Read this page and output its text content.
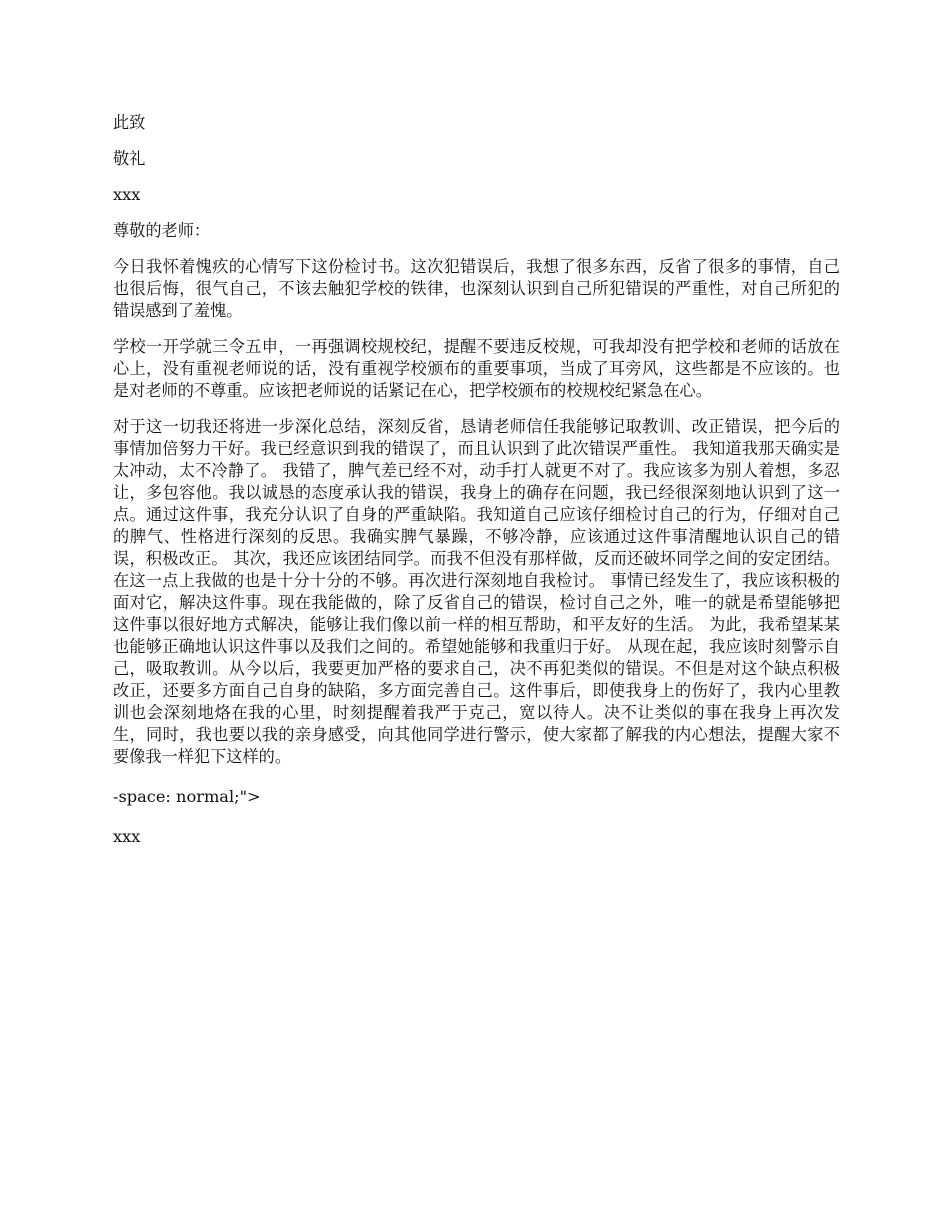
此致

敬礼

xxx

尊敬的老师：

今日我怀着愧疚的心情写下这份检讨书。这次犯错误后，我想了很多东西，反省了很多的事情，自己也很后悔，很气自己，不该去触犯学校的铁律，也深刻认识到自己所犯错误的严重性，对自己所犯的错误感到了羞愧。

学校一开学就三令五申，一再强调校规校纪，提醒不要违反校规，可我却没有把学校和老师的话放在心上，没有重视老师说的话，没有重视学校颁布的重要事项，当成了耳旁风，这些都是不应该的。也是对老师的不尊重。应该把老师说的话紧记在心，把学校颁布的校规校纪紧急在心。

对于这一切我还将进一步深化总结，深刻反省，恳请老师信任我能够记取教训、改正错误，把今后的事情加倍努力干好。我已经意识到我的错误了，而且认识到了此次错误严重性。 我知道我那天确实是太冲动，太不冷静了。 我错了，脾气差已经不对，动手打人就更不对了。我应该多为别人着想，多忍让，多包容他。我以诚恳的态度承认我的错误，我身上的确存在问题，我已经很深刻地认识到了这一点。通过这件事，我充分认识了自身的严重缺陷。我知道自己应该仔细检讨自己的行为，仔细对自己的脾气、性格进行深刻的反思。我确实脾气暴躁，不够冷静，应该通过这件事清醒地认识自己的错误，积极改正。 其次，我还应该团结同学。而我不但没有那样做，反而还破坏同学之间的安定团结。在这一点上我做的也是十分十分的不够。再次进行深刻地自我检讨。 事情已经发生了，我应该积极的面对它，解决这件事。现在我能做的，除了反省自己的错误，检讨自己之外，唯一的就是希望能够把这件事以很好地方式解决，能够让我们像以前一样的相互帮助，和平友好的生活。 为此，我希望某某也能够正确地认识这件事以及我们之间的。希望她能够和我重归于好。 从现在起，我应该时刻警示自己，吸取教训。从今以后，我要更加严格的要求自己，决不再犯类似的错误。不但是对这个缺点积极改正，还要多方面自己自身的缺陷，多方面完善自己。这件事后，即使我身上的伤好了，我内心里教训也会深刻地烙在我的心里，时刻提醒着我严于克己，宽以待人。决不让类似的事在我身上再次发生，同时，我也要以我的亲身感受，向其他同学进行警示，使大家都了解我的内心想法，提醒大家不要像我一样犯下这样的。

-space: normal;">

xxx
